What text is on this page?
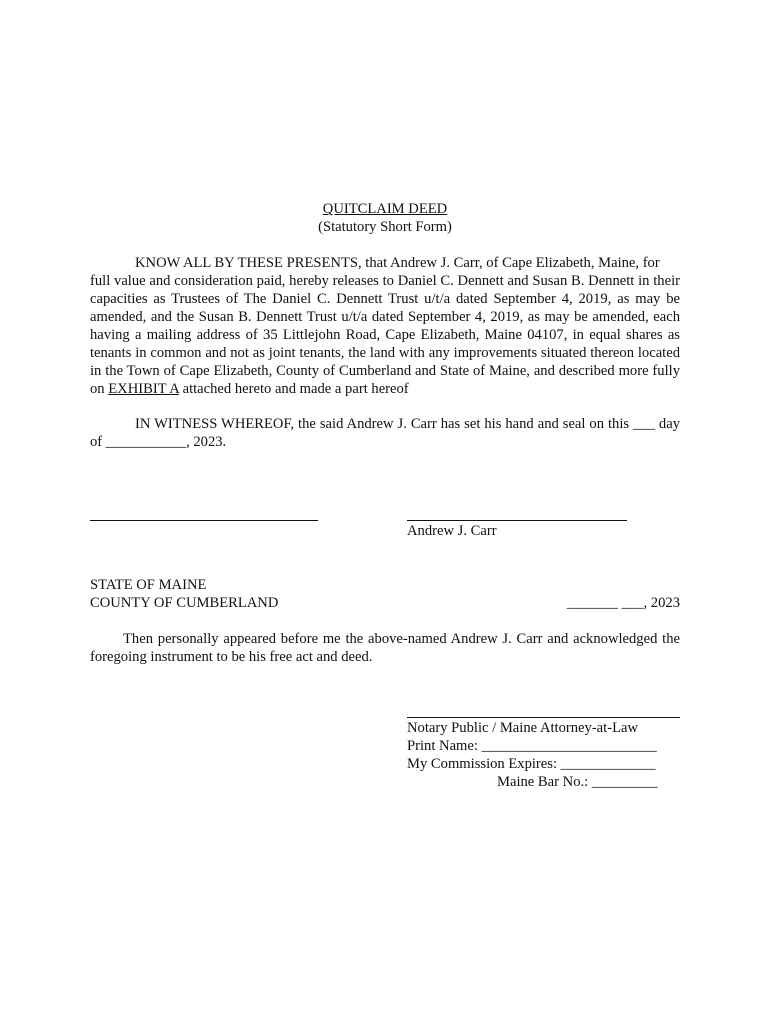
QUITCLAIM DEED
(Statutory Short Form)
KNOW ALL BY THESE PRESENTS, that Andrew J. Carr, of Cape Elizabeth, Maine, for
full value and consideration paid, hereby releases to Daniel C. Dennett and Susan B. Dennett in their
capacities as Trustees of The Daniel C. Dennett Trust u/t/a dated September 4, 2019, as may be
amended, and the Susan B. Dennett Trust u/t/a dated September 4, 2019, as may be amended, each
having a mailing address of 35 Littlejohn Road, Cape Elizabeth, Maine 04107, in equal shares as
tenants in common and not as joint tenants, the land with any improvements situated thereon located
in the Town of Cape Elizabeth, County of Cumberland and State of Maine, and described more fully
on EXHIBIT A attached hereto and made a part hereof
IN WITNESS WHEREOF, the said Andrew J. Carr has set his hand and seal on this ___ day
of ___________, 2023.
Andrew J. Carr
STATE OF MAINE
COUNTY OF CUMBERLAND	_______ ___, 2023
Then personally appeared before me the above-named Andrew J. Carr and acknowledged the
foregoing instrument to be his free act and deed.
Notary Public / Maine Attorney-at-Law
Print Name: ________________________
My Commission Expires: _____________
Maine Bar No.: _________
